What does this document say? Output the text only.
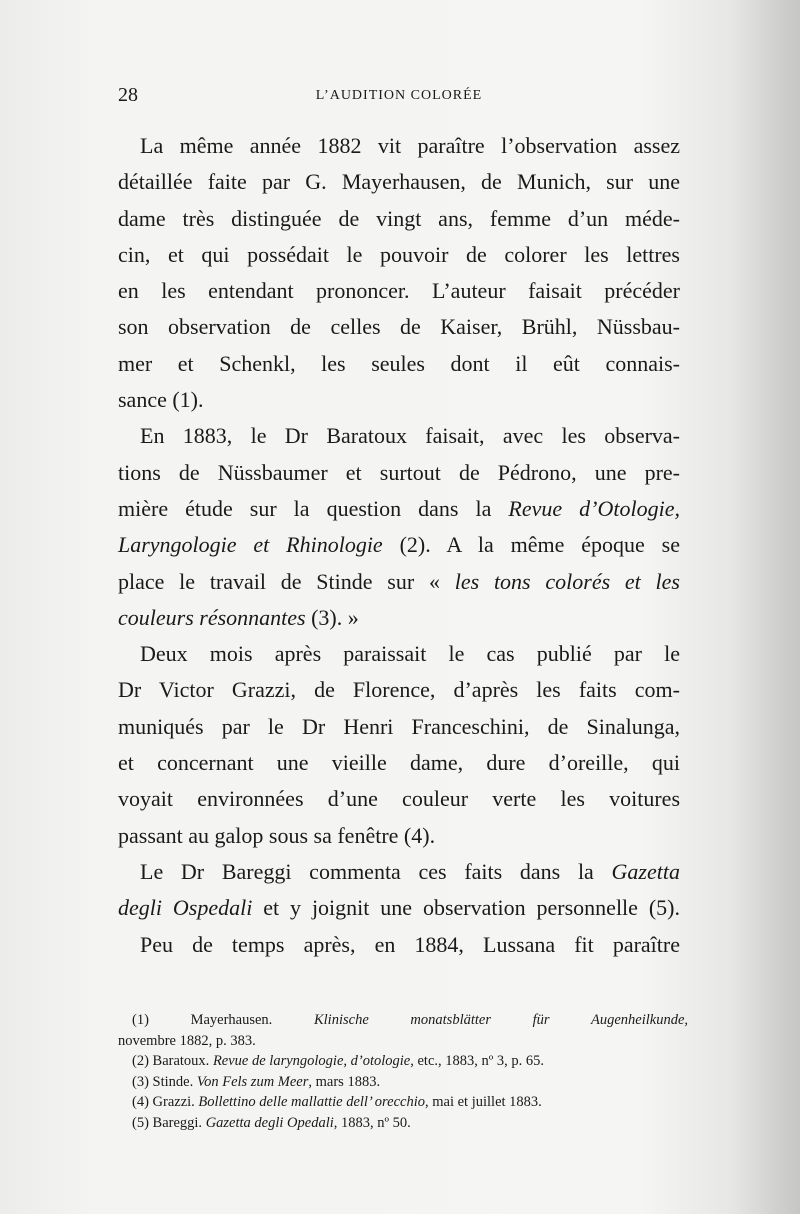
28	L’AUDITION COLORÉE
La même année 1882 vit paraître l’observation assez
détaillée faite par G. Mayerhausen, de Munich, sur une
dame très distinguée de vingt ans, femme d’un méde-
cin, et qui possédait le pouvoir de colorer les lettres
en les entendant prononcer. L’auteur faisait précéder
son observation de celles de Kaiser, Brühl, Nüssbau-
mer et Schenkl, les seules dont il eût connais-
sance (1).
En 1883, le Dr Baratoux faisait, avec les observa-
tions de Nüssbaumer et surtout de Pédrono, une pre-
mière étude sur la question dans la Revue d’Otologie,
Laryngologie et Rhinologie (2). A la même époque se
place le travail de Stinde sur « les tons colorés et les
couleurs résonnantes (3). »
Deux mois après paraissait le cas publié par le
Dr Victor Grazzi, de Florence, d’après les faits com-
muniqués par le Dr Henri Franceschini, de Sinalunga,
et concernant une vieille dame, dure d’oreille, qui
voyait environnées d’une couleur verte les voitures
passant au galop sous sa fenêtre (4).
Le Dr Bareggi commenta ces faits dans la Gazetta
degli Ospedali et y joignit une observation personnelle (5).
Peu de temps après, en 1884, Lussana fit paraître
(1) Mayerhausen. Klinische monatsblätter für Augenheilkunde,
novembre 1882, p. 383.
(2) Baratoux. Revue de laryngologie, d’otologie, etc., 1883, nº 3, p. 65.
(3) Stinde. Von Fels zum Meer, mars 1883.
(4) Grazzi. Bollettino delle mallattie dell’ orecchio, mai et juillet 1883.
(5) Bareggi. Gazetta degli Opedali, 1883, nº 50.
